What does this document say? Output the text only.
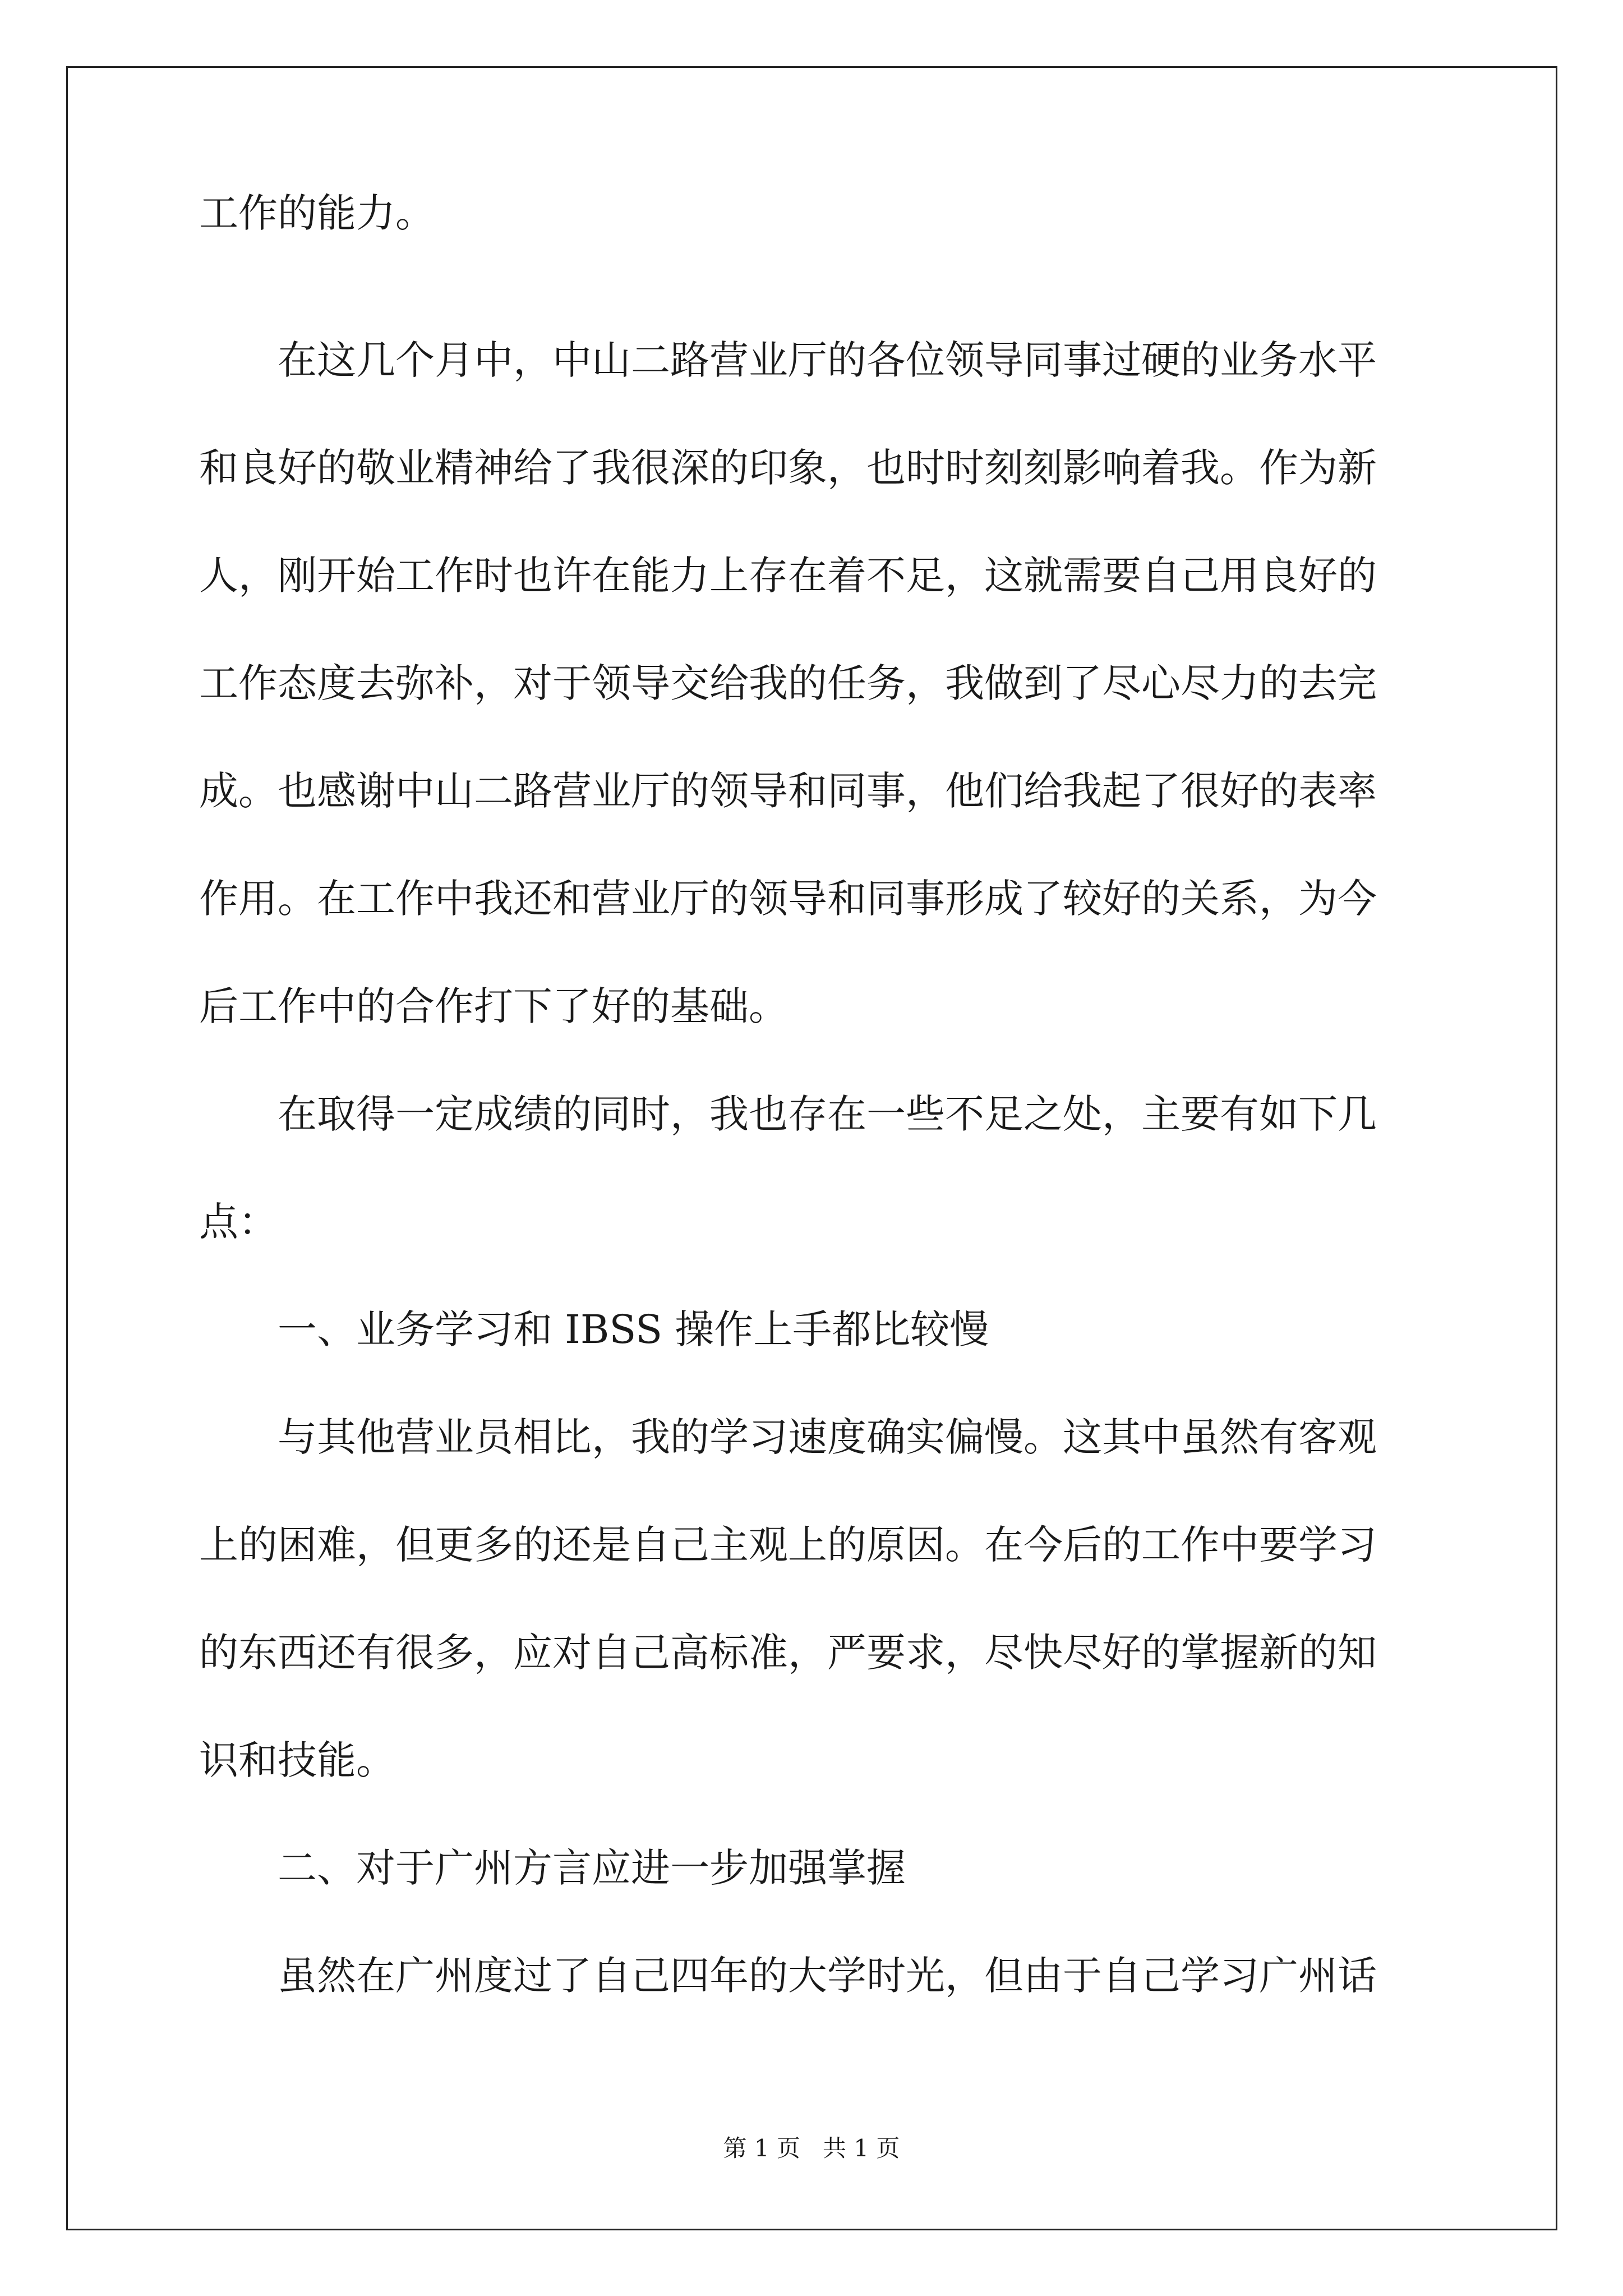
工作的能力。
　　在这几个月中，中山二路营业厅的各位领导同事过硬的业务水平
和良好的敬业精神给了我很深的印象，也时时刻刻影响着我。作为新
人，刚开始工作时也许在能力上存在着不足，这就需要自己用良好的
工作态度去弥补，对于领导交给我的任务，我做到了尽心尽力的去完
成。也感谢中山二路营业厅的领导和同事，他们给我起了很好的表率
作用。在工作中我还和营业厅的领导和同事形成了较好的关系，为今
后工作中的合作打下了好的基础。
　　在取得一定成绩的同时，我也存在一些不足之处，主要有如下几
点：
　　一、业务学习和 IBSS 操作上手都比较慢
　　与其他营业员相比，我的学习速度确实偏慢。这其中虽然有客观
上的困难，但更多的还是自己主观上的原因。在今后的工作中要学习
的东西还有很多，应对自己高标准，严要求，尽快尽好的掌握新的知
识和技能。
　　二、对于广州方言应进一步加强掌握
　　虽然在广州度过了自己四年的大学时光，但由于自己学习广州话
第 1 页 共 1 页
